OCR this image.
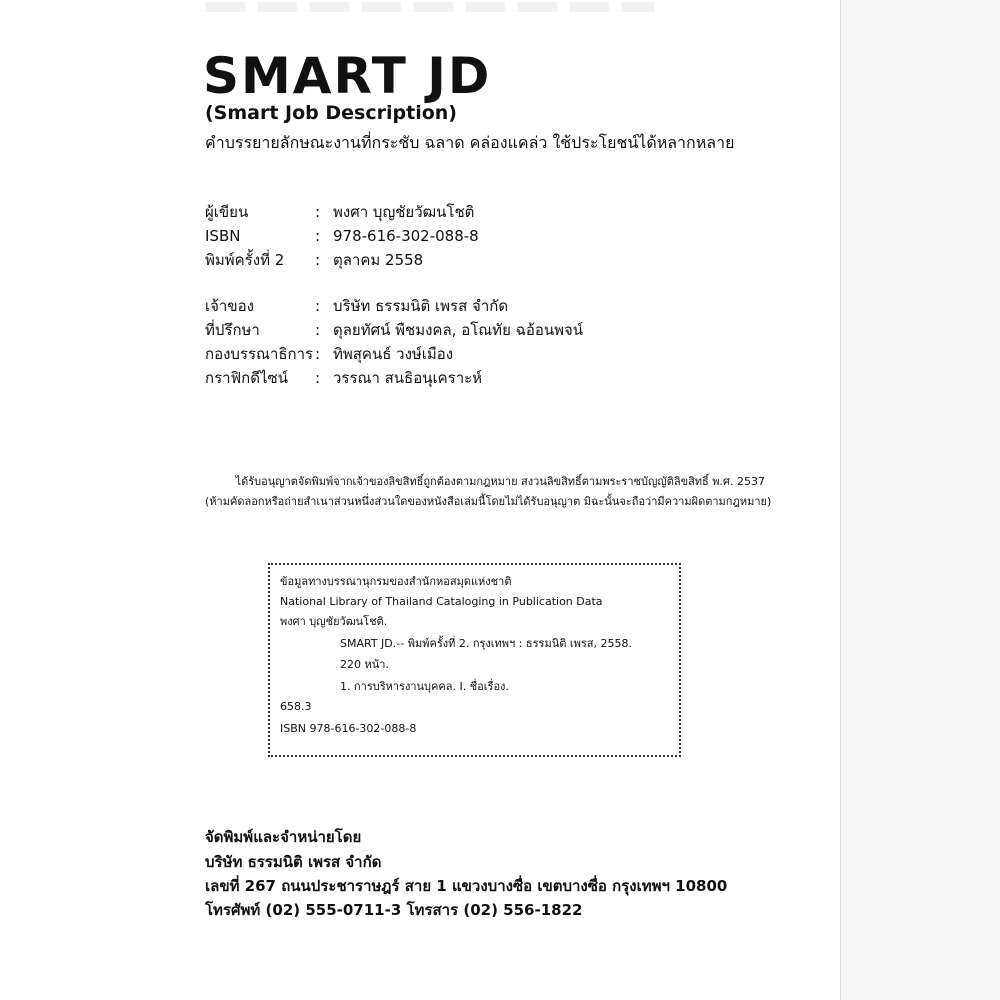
SMART JD
(Smart Job Description)
คำบรรยายลักษณะงานที่กระชับ ฉลาด คล่องแคล่ว ใช้ประโยชน์ได้หลากหลาย
ผู้เขียน	: พงศา บุญชัยวัฒนโชติ
ISBN	: 978-616-302-088-8
พิมพ์ครั้งที่ 2 : ตุลาคม 2558
เจ้าของ	: บริษัท ธรรมนิติ เพรส จำกัด
ที่ปรึกษา	: ดุลยทัศน์ พืชมงคล, อโณทัย ฉอ้อนพจน์
กองบรรณาธิการ : ทิพสุคนธ์ วงษ์เมือง
กราฟิกดีไซน์ : วรรณา สนธิอนุเคราะห์
ได้รับอนุญาตจัดพิมพ์จากเจ้าของลิขสิทธิ์ถูกต้องตามกฎหมาย สงวนลิขสิทธิ์ตามพระราชบัญญัติลิขสิทธิ์ พ.ศ. 2537
(ห้ามคัดลอกหรือถ่ายสำเนาส่วนหนึ่งส่วนใดของหนังสือเล่มนี้โดยไม่ได้รับอนุญาต มิฉะนั้นจะถือว่ามีความผิดตามกฎหมาย)
ข้อมูลทางบรรณานุกรมของสำนักหอสมุดแห่งชาติ
National Library of Thailand Cataloging in Publication Data
พงศา บุญชัยวัฒนโชติ.
SMART JD.-- พิมพ์ครั้งที่ 2. กรุงเทพฯ : ธรรมนิติ เพรส, 2558.
220 หน้า.
1. การบริหารงานบุคคล. I. ชื่อเรื่อง.
658.3
ISBN 978-616-302-088-8
จัดพิมพ์และจำหน่ายโดย
บริษัท ธรรมนิติ เพรส จำกัด
เลขที่ 267 ถนนประชาราษฎร์ สาย 1 แขวงบางซื่อ เขตบางซื่อ กรุงเทพฯ 10800
โทรศัพท์ (02) 555-0711-3 โทรสาร (02) 556-1822
